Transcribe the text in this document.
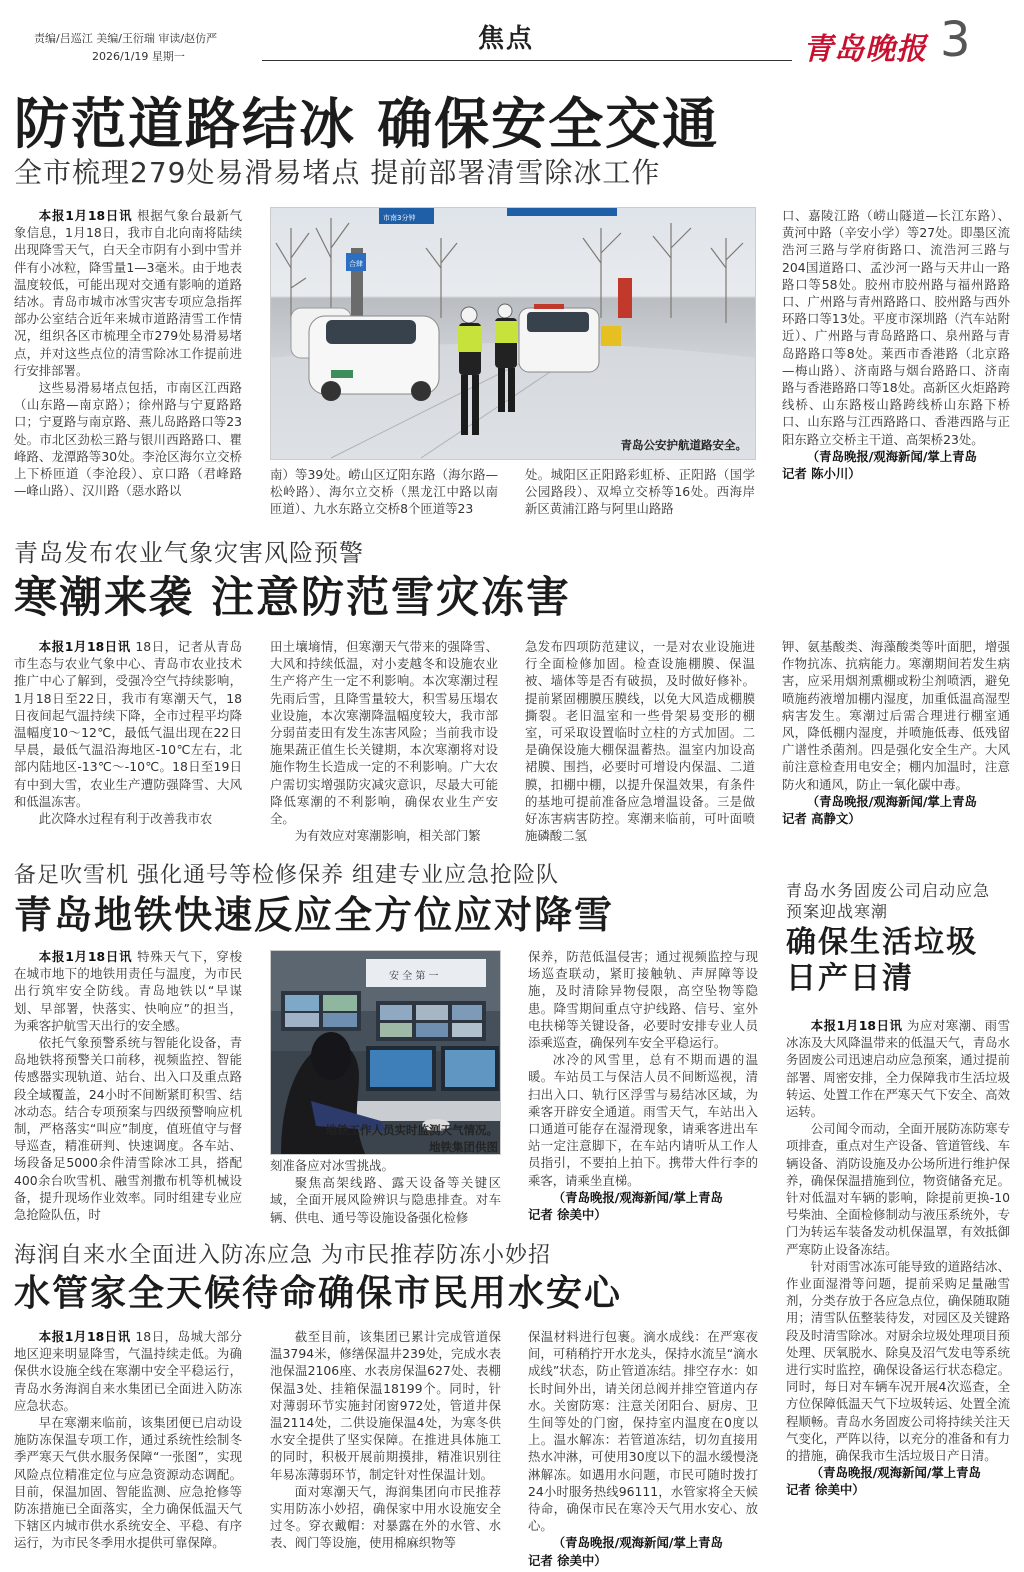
责编/吕巡江 美编/王衍瑞 审读/赵仿严
2026/1/19 星期一
焦点	青岛晚报 3
防范道路结冰 确保安全交通
全市梳理279处易滑易堵点 提前部署清雪除冰工作

本报1月18日讯 根据气象台最新气象信息，1月18日，我市自北向南将陆续出现降雪天气，白天全市阴有小到中雪并伴有小冰粒，降雪量1—3毫米。由于地表温度较低，可能出现对交通有影响的道路结冰。青岛市城市冰雪灾害专项应急指挥部办公室结合近年来城市道路清雪工作情况，组织各区市梳理全市279处易滑易堵点，并对这些点位的清雪除冰工作提前进行安排部署。

这些易滑易堵点包括，市南区江西路（山东路—南京路）；徐州路与宁夏路路口；宁夏路与南京路、燕儿岛路路口等23处。市北区劲松三路与银川西路路口、瞿峰路、龙潭路等30处。李沧区海尔立交桥上下桥匝道（李沧段）、京口路（君峰路—峰山路）、汉川路（惡水路以

市南3分钟
合肆
青岛公安护航道路安全。

南）等39处。崂山区辽阳东路（海尔路—松岭路）、海尔立交桥（黑龙江中路以南匝道）、九水东路立交桥8个匝道等23

处。城阳区正阳路彩虹桥、正阳路（国学公园路段）、双埠立交桥等16处。西海岸新区黄浦江路与阿里山路路

口、嘉陵江路（崂山隧道—长江东路）、黄河中路（辛安小学）等27处。即墨区流浩河三路与学府街路口、流浩河三路与204国道路口、孟沙河一路与天井山一路路口等58处。胶州市胶州路与福州路路口、广州路与青州路路口、胶州路与西外环路口等13处。平度市深圳路（汽车站附近）、广州路与青岛路路口、泉州路与青岛路路口等8处。莱西市香港路（北京路—梅山路）、济南路与烟台路路口、济南路与香港路路口等18处。高新区火炬路跨线桥、山东路桜山路跨线桥山东路下桥口、山东路与江西路路口、香港西路与正阳东路立交桥主干道、高架桥23处。

（青岛晚报/观海新闻/掌上青岛

记者 陈小川）

青岛发布农业气象灾害风险预警
寒潮来袭 注意防范雪灾冻害

本报1月18日讯 18日，记者从青岛市生态与农业气象中心、青岛市农业技术推广中心了解到，受强冷空气持续影响，1月18日至22日，我市有寒潮天气，18日夜间起气温持续下降，全市过程平均降温幅度10～12℃，最低气温出现在22日早晨，最低气温沿海地区-10℃左右，北部内陆地区-13℃～-10℃。18日至19日有中到大雪，农业生产遭防强降雪、大风和低温冻害。

此次降水过程有利于改善我市农

田土壤墒情，但寒潮天气带来的强降雪、大风和持续低温，对小麦越冬和设施农业生产将产生一定不利影响。本次寒潮过程先雨后雪，且降雪量较大，积雪易压塌农业设施，本次寒潮降温幅度较大，我市部分弱苗麦田有发生冻害风险；当前我市设施果蔬正值生长关键期，本次寒潮将对设施作物生长造成一定的不利影响。广大农户需切实增强防灾减灾意识，尽最大可能降低寒潮的不利影响，确保农业生产安全。

为有效应对寒潮影响，相关部门繁

急发布四项防范建议，一是对农业设施进行全面检修加固。检查设施棚膜、保温被、墙体等是否有破损，及时做好修补。提前紧固棚膜压膜线，以免大风造成棚膜撕裂。老旧温室和一些骨架易变形的棚室，可采取设置临时立柱的方式加固。二是确保设施大棚保温蓄热。温室内加设高裙膜、围挡，必要时可增设内保温、二道膜，扣棚中棚，以提升保温效果，有条件的基地可提前准备应急增温设备。三是做好冻害病害防控。寒潮来临前，可叶面喷施磷酸二氢

钾、氨基酸类、海藻酸类等叶面肥，增强作物抗冻、抗病能力。寒潮期间若发生病害，应采用烟剂熏棚或粉尘剂喷洒，避免喷施药液增加棚内湿度，加重低温高湿型病害发生。寒潮过后需合理进行棚室通风，降低棚内湿度，并喷施低毒、低残留广谱性杀菌剂。四是强化安全生产。大风前注意检查用电安全；棚内加温时，注意防火和通风，防止一氧化碳中毒。

（青岛晚报/观海新闻/掌上青岛

记者 高静文）

备足吹雪机 强化通号等检修保养 组建专业应急抢险队
青岛地铁快速反应全方位应对降雪

本报1月18日讯 特殊天气下，穿梭在城市地下的地铁用责任与温度，为市民出行筑牢安全防线。青岛地铁以“早谋划、早部署，快落实、快响应”的担当，为乘客护航雪天出行的安全感。

依托气象预警系统与智能化设备，青岛地铁将预警关口前移，视频监控、智能传感器实现轨道、站台、出入口及重点路段全域覆盖，24小时不间断紧盯积雪、结冰动态。结合专项预案与四级预警响应机制，严格落实“叫应”制度，值班值守与督导巡查，精准研判、快速调度。各车站、场段备足5000余件清雪除冰工具，搭配400余台吹雪机、融雪剂撒布机等机械设备，提升现场作业效率。同时组建专业应急抢险队伍，时

安 全 第 一
地铁工作人员实时监测天气情况。
地铁集团供图

刻准备应对冰雪挑战。

聚焦高架线路、露天设备等关键区域，全面开展风险辨识与隐患排查。对车辆、供电、通号等设施设备强化检修

保养，防范低温侵害；通过视频监控与现场巡查联动，紧盯接触轨、声屏障等设施，及时清除异物侵限，高空坠物等隐患。降雪期间重点守护线路、信号、室外电扶梯等关键设备，必要时安排专业人员添乘巡查，确保列车安全平稳运行。

冰冷的风雪里，总有不期而遇的温暖。车站员工与保洁人员不间断巡视，清扫出入口、轨行区浮雪与易结冰区域，为乘客开辟安全通道。雨雪天气，车站出入口通道可能存在湿滑现象，请乘客进出车站一定注意脚下，在车站内请听从工作人员指引，不要拍上拍下。携带大件行李的乘客，请乘坐直梯。

（青岛晚报/观海新闻/掌上青岛

记者 徐美中）

青岛水务固废公司启动应急
预案迎战寒潮
确保生活垃圾
日产日清

本报1月18日讯 为应对寒潮、雨雪冰冻及大风降温带来的低温天气，青岛水务固废公司迅速启动应急预案，通过提前部署、周密安排，全力保障我市生活垃圾转运、处置工作在严寒天气下安全、高效运转。

公司闻令而动，全面开展防冻防寒专项排查，重点对生产设备、管道管线、车辆设备、消防设施及办公场所进行维护保养，确保保温措施到位，物资储备充足。针对低温对车辆的影响，除提前更换-10号柴油、全面检修制动与液压系统外，专门为转运车装备发动机保温罩，有效抵御严寒防止设备冻结。

针对雨雪冰冻可能导致的道路结冰、作业面湿滑等问题，提前采购足量融雪剂，分类存放于各应急点位，确保随取随用；清雪队伍整装待发，对园区及关键路段及时清雪除冰。对厨余垃圾处理项目预处理、厌氧脱水、除臭及沼气发电等系统进行实时监控，确保设备运行状态稳定。同时，每日对车辆车况开展4次巡查，全方位保障低温天气下垃圾转运、处置全流程顺畅。青岛水务固废公司将持续关注天气变化，严阵以待，以充分的准备和有力的措施，确保我市生活垃圾日产日清。

（青岛晚报/观海新闻/掌上青岛

记者 徐美中）

海润自来水全面进入防冻应急 为市民推荐防冻小妙招
水管家全天候待命确保市民用水安心

本报1月18日讯 18日，岛城大部分地区迎来明显降雪，气温持续走低。为确保供水设施全线在寒潮中安全平稳运行，青岛水务海润自来水集团已全面进入防冻应急状态。

早在寒潮来临前，该集团便已启动设施防冻保温专项工作，通过系统性绘制冬季严寒天气供水服务保障“一张图”，实现风险点位精准定位与应急资源动态调配。目前，保温加固、智能监测、应急抢修等防冻措施已全面落实，全力确保低温天气下辖区内城市供水系统安全、平稳、有序运行，为市民冬季用水提供可靠保障。

截至目前，该集团已累计完成管道保温3794米，修缮保温井239处，完成水表池保温2106座、水表房保温627处、表棚保温3处、挂箱保温18199个。同时，针对薄弱环节实施封闭窗972处，管道井保温2114处，二供设施保温4处，为寒冬供水安全提供了坚实保障。在推进具体施工的同时，积极开展前期摸排，精准识别往年易冻薄弱环节，制定针对性保温计划。

面对寒潮天气，海润集团向市民推荐实用防冻小妙招，确保家中用水设施安全过冬。穿衣戴帽：对暴露在外的水管、水表、阀门等设施，使用棉麻织物等

保温材料进行包裹。滴水成线：在严寒夜间，可稍稍拧开水龙头，保持水流呈“滴水成线”状态，防止管道冻结。排空存水：如长时间外出，请关闭总阀并排空管道内存水。关窗防寒：注意关闭阳台、厨房、卫生间等处的门窗，保持室内温度在0度以上。温水解冻：若管道冻结，切勿直接用热水冲淋，可使用30度以下的温水缓慢浇淋解冻。如遇用水问题，市民可随时拨打24小时服务热线96111，水管家将全天候待命，确保市民在寒冷天气用水安心、放心。

（青岛晚报/观海新闻/掌上青岛

记者 徐美中）
